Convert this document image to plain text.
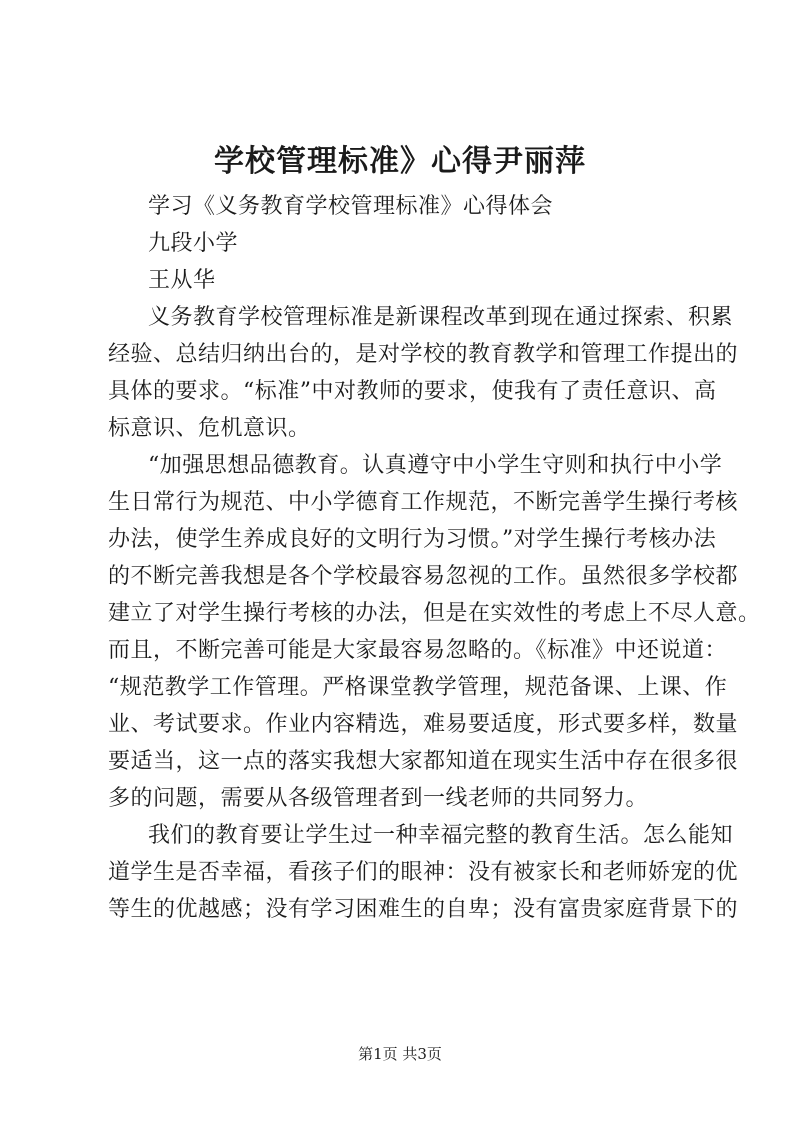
学校管理标准》心得尹丽萍
学习《义务教育学校管理标准》心得体会
九段小学
王从华
义务教育学校管理标准是新课程改革到现在通过探索、积累
经验、总结归纳出台的，是对学校的教育教学和管理工作提出的
具体的要求。“标准”中对教师的要求，使我有了责任意识、高
标意识、危机意识。
“加强思想品德教育。认真遵守中小学生守则和执行中小学
生日常行为规范、中小学德育工作规范，不断完善学生操行考核
办法，使学生养成良好的文明行为习惯。”对学生操行考核办法
的不断完善我想是各个学校最容易忽视的工作。虽然很多学校都
建立了对学生操行考核的办法，但是在实效性的考虑上不尽人意。
而且，不断完善可能是大家最容易忽略的。《标准》中还说道：
“规范教学工作管理。严格课堂教学管理，规范备课、上课、作
业、考试要求。作业内容精选，难易要适度，形式要多样，数量
要适当，这一点的落实我想大家都知道在现实生活中存在很多很
多的问题，需要从各级管理者到一线老师的共同努力。
我们的教育要让学生过一种幸福完整的教育生活。怎么能知
道学生是否幸福，看孩子们的眼神：没有被家长和老师娇宠的优
等生的优越感；没有学习困难生的自卑；没有富贵家庭背景下的
第1页 共3页
